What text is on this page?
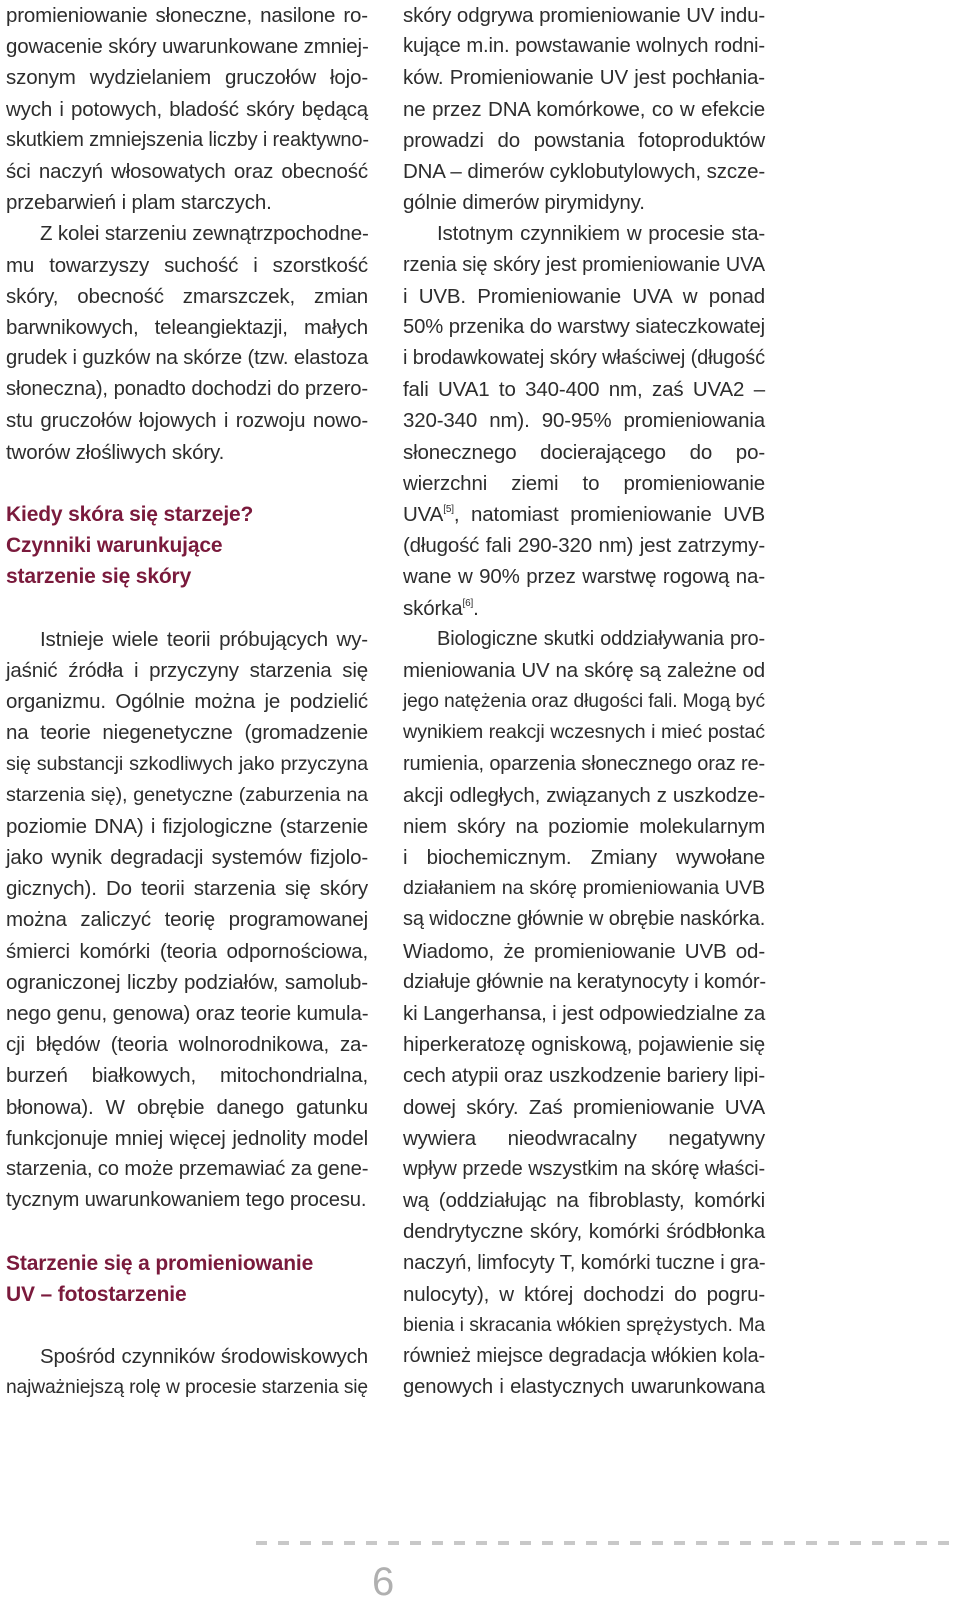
promieniowanie słoneczne, nasilone ro-
gowacenie skóry uwarunkowane zmniej-
szonym wydzielaniem gruczołów łojo-
wych i potowych, bladość skóry będącą
skutkiem zmniejszenia liczby i reaktywno-
ści naczyń włosowatych oraz obecność
przebarwień i plam starczych.
Z kolei starzeniu zewnątrzpochodne-
mu towarzyszy suchość i szorstkość
skóry, obecność zmarszczek, zmian
barwnikowych, teleangiektazji, małych
grudek i guzków na skórze (tzw. elastoza
słoneczna), ponadto dochodzi do przero-
stu gruczołów łojowych i rozwoju nowo-
tworów złośliwych skóry.
Kiedy skóra się starzeje?
Czynniki warunkujące
starzenie się skóry
Istnieje wiele teorii próbujących wy-
jaśnić źródła i przyczyny starzenia się
organizmu. Ogólnie można je podzielić
na teorie niegenetyczne (gromadzenie
się substancji szkodliwych jako przyczyna
starzenia się), genetyczne (zaburzenia na
poziomie DNA) i fizjologiczne (starzenie
jako wynik degradacji systemów fizjolo-
gicznych). Do teorii starzenia się skóry
można zaliczyć teorię programowanej
śmierci komórki (teoria odpornościowa,
ograniczonej liczby podziałów, samolub-
nego genu, genowa) oraz teorie kumula-
cji błędów (teoria wolnorodnikowa, za-
burzeń białkowych, mitochondrialna,
błonowa). W obrębie danego gatunku
funkcjonuje mniej więcej jednolity model
starzenia, co może przemawiać za gene-
tycznym uwarunkowaniem tego procesu.
Starzenie się a promieniowanie
UV – fotostarzenie
Spośród czynników środowiskowych
najważniejszą rolę w procesie starzenia się
skóry odgrywa promieniowanie UV indu-
kujące m.in. powstawanie wolnych rodni-
ków. Promieniowanie UV jest pochłania-
ne przez DNA komórkowe, co w efekcie
prowadzi do powstania fotoproduktów
DNA – dimerów cyklobutylowych, szcze-
gólnie dimerów pirymidyny.
Istotnym czynnikiem w procesie sta-
rzenia się skóry jest promieniowanie UVA
i UVB. Promieniowanie UVA w ponad
50% przenika do warstwy siateczkowatej
i brodawkowatej skóry właściwej (długość
fali UVA1 to 340-400 nm, zaś UVA2 –
320-340 nm). 90-95% promieniowania
słonecznego docierającego do po-
wierzchni ziemi to promieniowanie
UVA[5], natomiast promieniowanie UVB
(długość fali 290-320 nm) jest zatrzymy-
wane w 90% przez warstwę rogową na-
skórka[6].
Biologiczne skutki oddziaływania pro-
mieniowania UV na skórę są zależne od
jego natężenia oraz długości fali. Mogą być
wynikiem reakcji wczesnych i mieć postać
rumienia, oparzenia słonecznego oraz re-
akcji odległych, związanych z uszkodze-
niem skóry na poziomie molekularnym
i biochemicznym. Zmiany wywołane
działaniem na skórę promieniowania UVB
są widoczne głównie w obrębie naskórka.
Wiadomo, że promieniowanie UVB od-
działuje głównie na keratynocyty i komór-
ki Langerhansa, i jest odpowiedzialne za
hiperkeratozę ogniskową, pojawienie się
cech atypii oraz uszkodzenie bariery lipi-
dowej skóry. Zaś promieniowanie UVA
wywiera nieodwracalny negatywny
wpływ przede wszystkim na skórę właści-
wą (oddziałując na fibroblasty, komórki
dendrytyczne skóry, komórki śródbłonka
naczyń, limfocyty T, komórki tuczne i gra-
nulocyty), w której dochodzi do pogru-
bienia i skracania włókien sprężystych. Ma
również miejsce degradacja włókien kola-
genowych i elastycznych uwarunkowana
6
